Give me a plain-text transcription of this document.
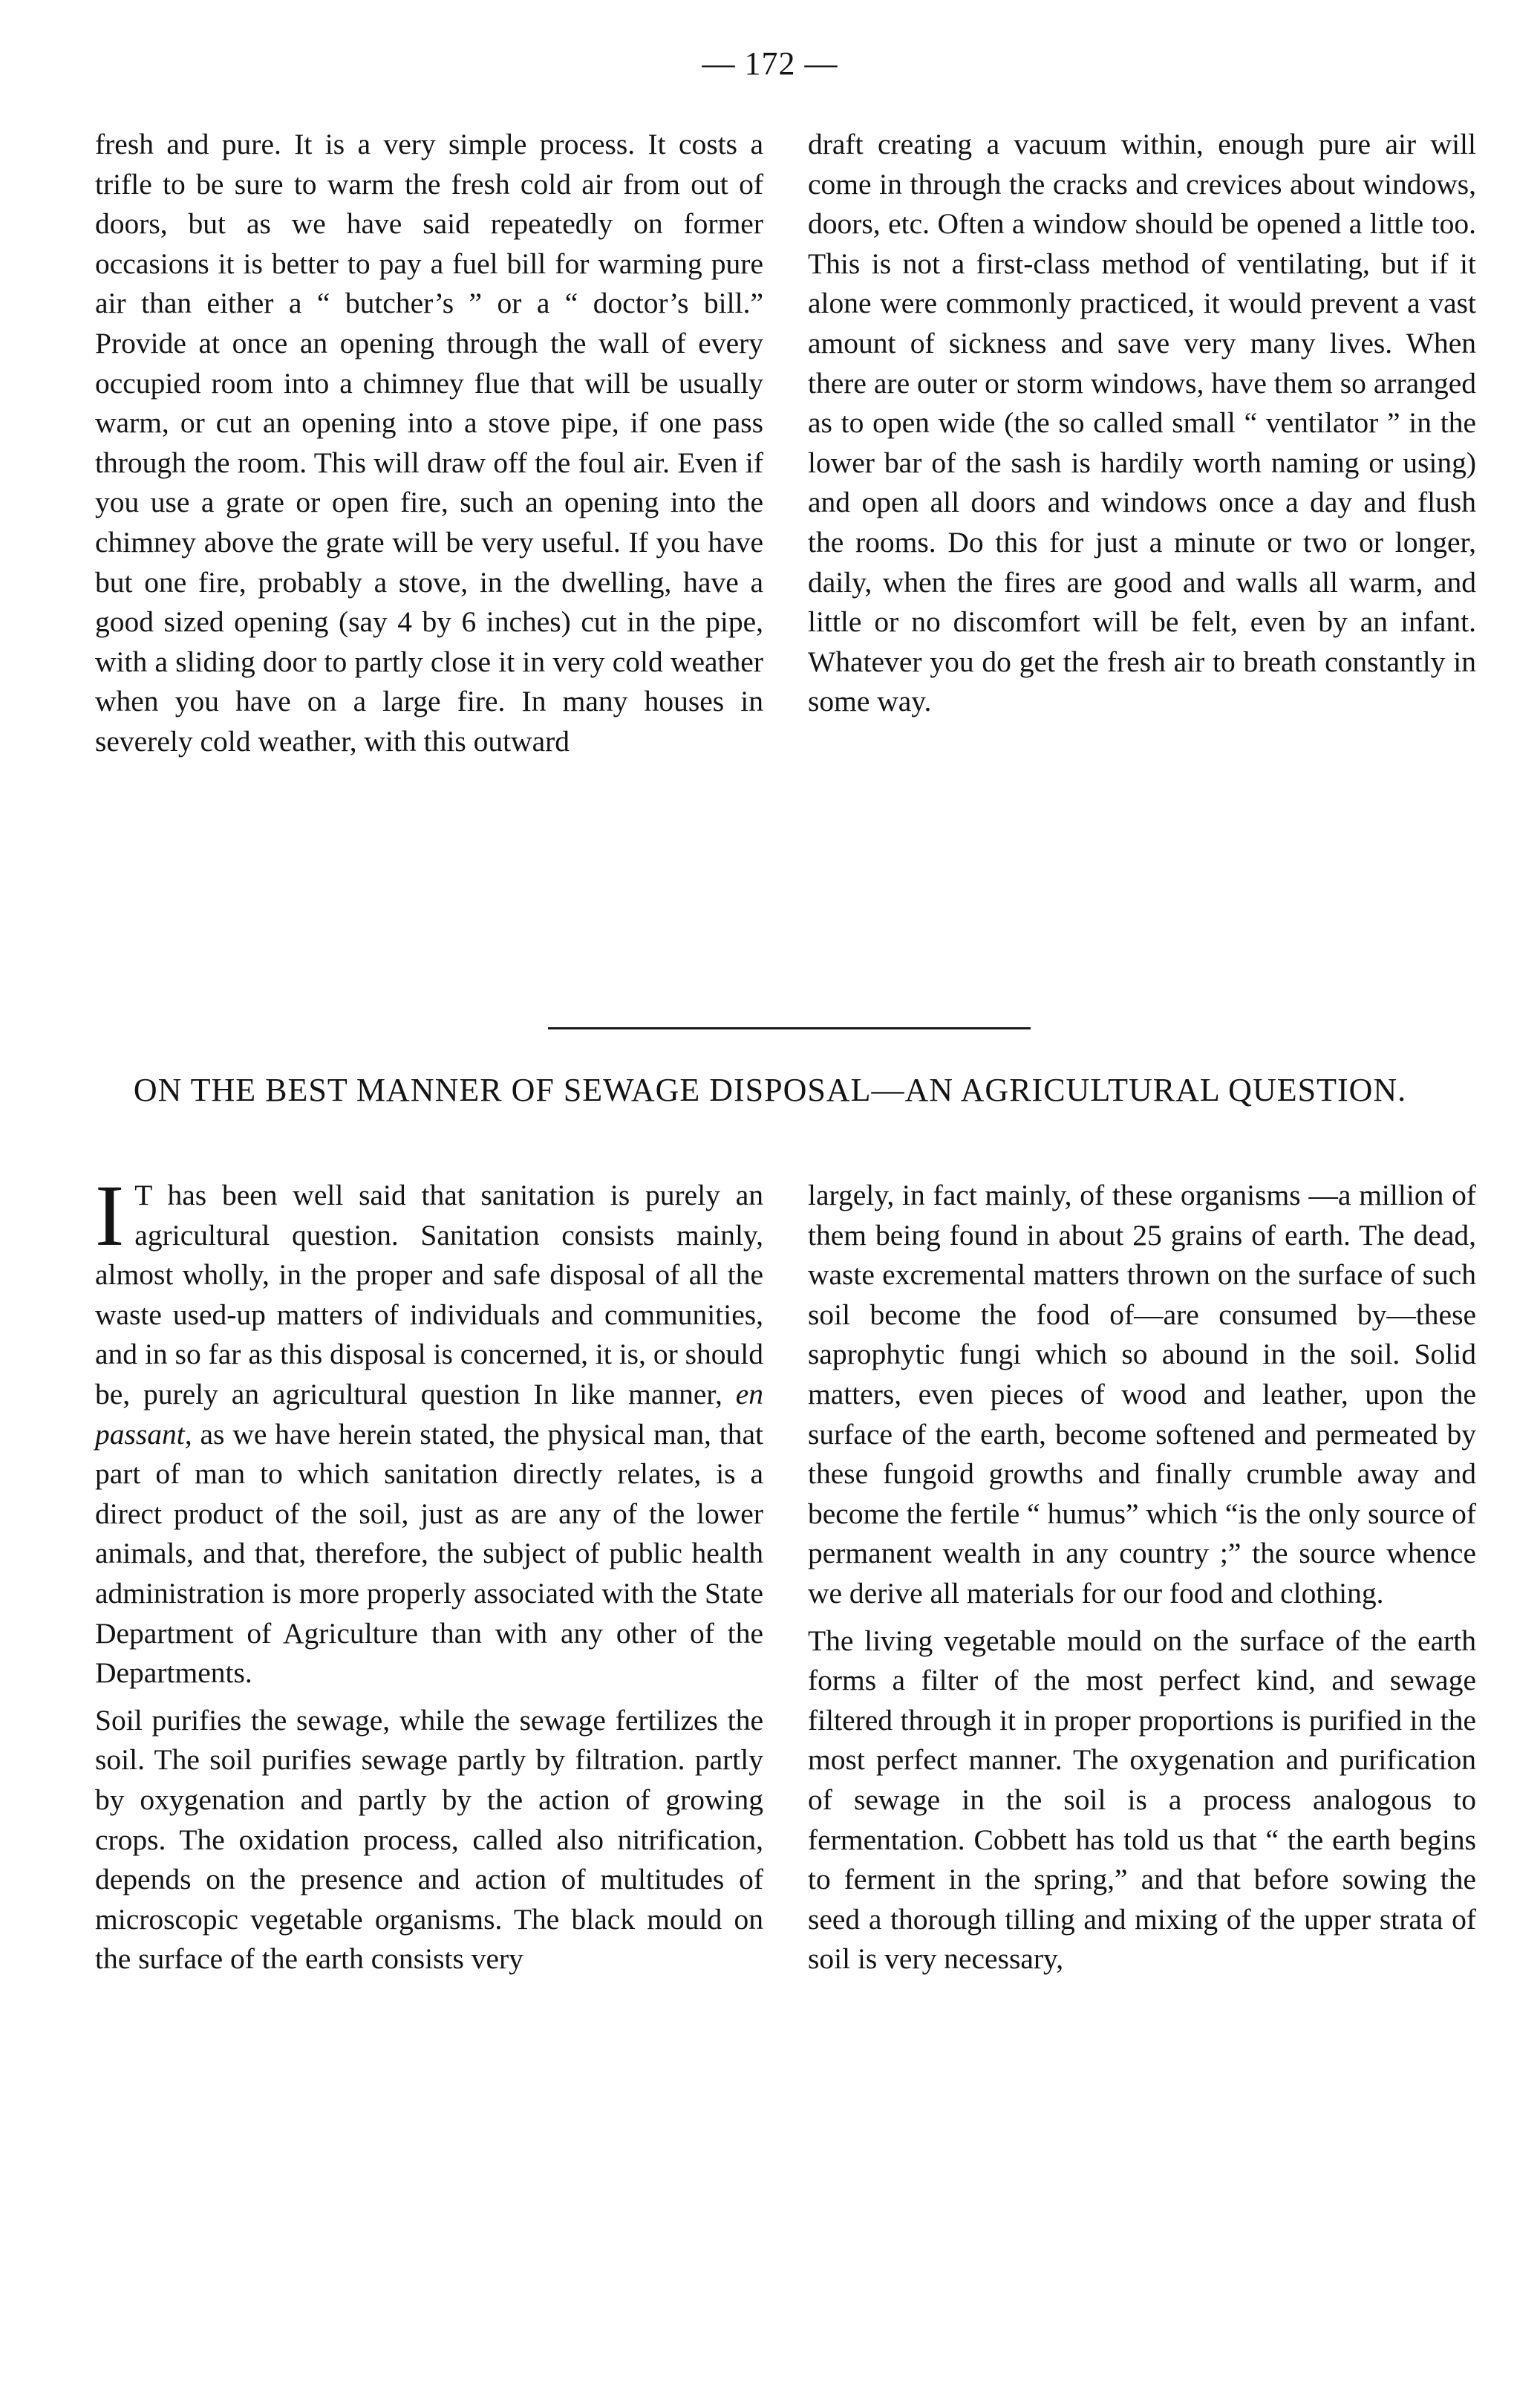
— 172 —

fresh and pure. It is a very simple process. It costs a trifle to be sure to warm the fresh cold air from out of doors, but as we have said repeatedly on former occasions it is better to pay a fuel bill for warming pure air than either a “ butcher’s ” or a “ doctor’s bill.” Provide at once an opening through the wall of every occupied room into a chimney flue that will be usually warm, or cut an opening into a stove pipe, if one pass through the room. This will draw off the foul air. Even if you use a grate or open fire, such an opening into the chimney above the grate will be very useful. If you have but one fire, probably a stove, in the dwelling, have a good sized opening (say 4 by 6 inches) cut in the pipe, with a sliding door to partly close it in very cold weather when you have on a large fire. In many houses in severely cold weather, with this outward

draft creating a vacuum within, enough pure air will come in through the cracks and crevices about windows, doors, etc. Often a window should be opened a little too. This is not a first-class method of ventilating, but if it alone were commonly practiced, it would prevent a vast amount of sickness and save very many lives. When there are outer or storm windows, have them so arranged as to open wide (the so called small “ ventilator ” in the lower bar of the sash is hardily worth naming or using) and open all doors and windows once a day and flush the rooms. Do this for just a minute or two or longer, daily, when the fires are good and walls all warm, and little or no discomfort will be felt, even by an infant. Whatever you do get the fresh air to breath constantly in some way.

ON THE BEST MANNER OF SEWAGE DISPOSAL—AN AGRICULTURAL QUESTION.

I T has been well said that sanitation is purely an agricultural question. Sanitation consists mainly, almost wholly, in the proper and safe disposal of all the waste used-up matters of individuals and communities, and in so far as this disposal is concerned, it is, or should be, purely an agricultural question In like manner, en passant, as we have herein stated, the physical man, that part of man to which sanitation directly relates, is a direct product of the soil, just as are any of the lower animals, and that, therefore, the subject of public health administration is more properly associated with the State Department of Agriculture than with any other of the Departments.

Soil purifies the sewage, while the sewage fertilizes the soil. The soil purifies sewage partly by filtration. partly by oxygenation and partly by the action of growing crops. The oxidation process, called also nitrification, depends on the presence and action of multitudes of microscopic vegetable organisms. The black mould on the surface of the earth consists very

largely, in fact mainly, of these organisms —a million of them being found in about 25 grains of earth. The dead, waste excremental matters thrown on the surface of such soil become the food of—are consumed by—these saprophytic fungi which so abound in the soil. Solid matters, even pieces of wood and leather, upon the surface of the earth, become softened and permeated by these fungoid growths and finally crumble away and become the fertile “ humus” which “is the only source of permanent wealth in any country ;” the source whence we derive all materials for our food and clothing.

The living vegetable mould on the surface of the earth forms a filter of the most perfect kind, and sewage filtered through it in proper proportions is purified in the most perfect manner. The oxygenation and purification of sewage in the soil is a process analogous to fermentation. Cobbett has told us that “ the earth begins to ferment in the spring,” and that before sowing the seed a thorough tilling and mixing of the upper strata of soil is very necessary,
